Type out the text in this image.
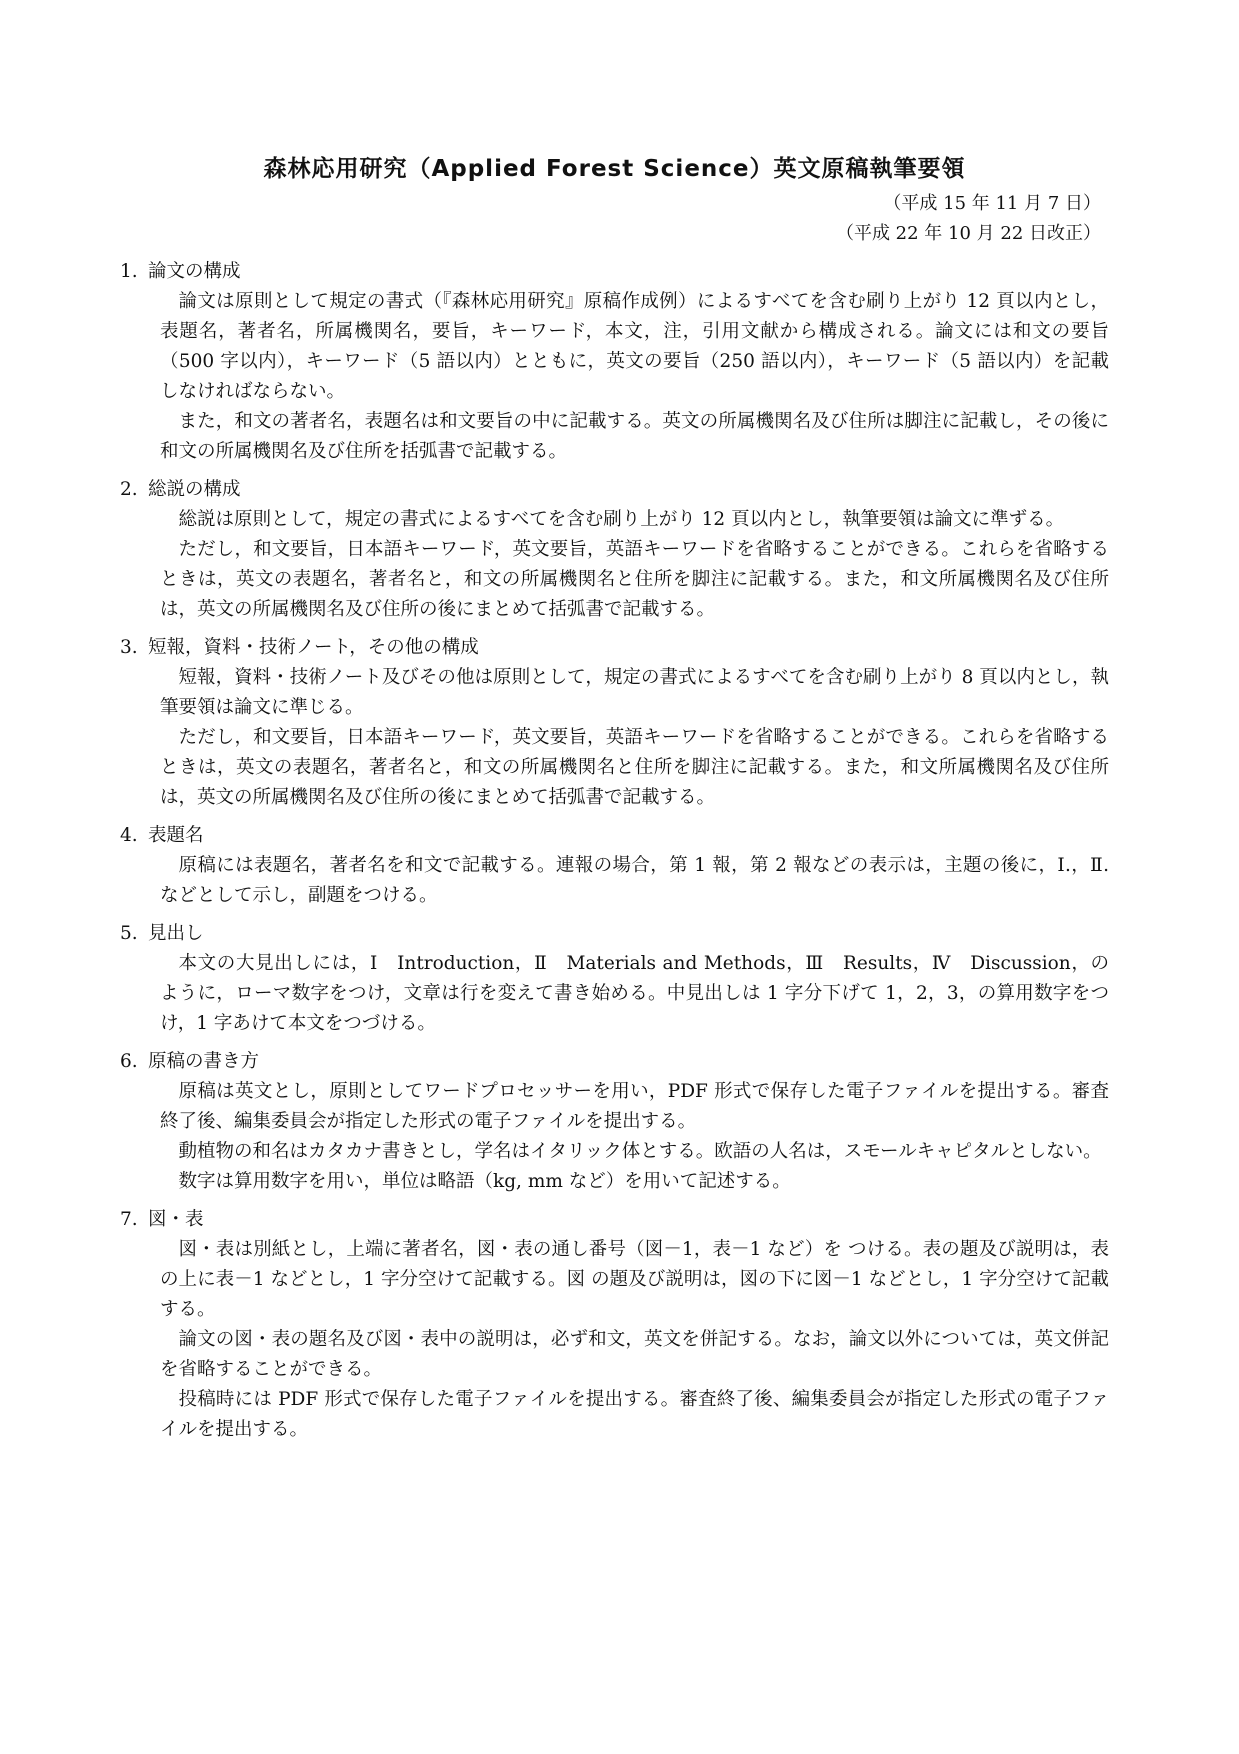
森林応用研究（Applied Forest Science）英文原稿執筆要領
（平成 15 年 11 月 7 日）
（平成 22 年 10 月 22 日改正）
1. 論文の構成

論文は原則として規定の書式（『森林応用研究』原稿作成例）によるすべてを含む刷り上がり 12 頁以内とし，表題名，著者名，所属機関名，要旨，キーワード，本文，注，引用文献から構成される。論文には和文の要旨（500 字以内），キーワード（5 語以内）とともに，英文の要旨（250 語以内），キーワード（5 語以内）を記載しなければならない。

また，和文の著者名，表題名は和文要旨の中に記載する。英文の所属機関名及び住所は脚注に記載し，その後に和文の所属機関名及び住所を括弧書で記載する。

2. 総説の構成

総説は原則として，規定の書式によるすべてを含む刷り上がり 12 頁以内とし，執筆要領は論文に準ずる。

ただし，和文要旨，日本語キーワード，英文要旨，英語キーワードを省略することができる。これらを省略するときは，英文の表題名，著者名と，和文の所属機関名と住所を脚注に記載する。また，和文所属機関名及び住所は，英文の所属機関名及び住所の後にまとめて括弧書で記載する。

3. 短報，資料・技術ノート，その他の構成

短報，資料・技術ノート及びその他は原則として，規定の書式によるすべてを含む刷り上がり 8 頁以内とし，執筆要領は論文に準じる。

ただし，和文要旨，日本語キーワード，英文要旨，英語キーワードを省略することができる。これらを省略するときは，英文の表題名，著者名と，和文の所属機関名と住所を脚注に記載する。また，和文所属機関名及び住所は，英文の所属機関名及び住所の後にまとめて括弧書で記載する。

4. 表題名

原稿には表題名，著者名を和文で記載する。連報の場合，第 1 報，第 2 報などの表示は，主題の後に，Ⅰ.，Ⅱ. などとして示し，副題をつける。

5. 見出し

本文の大見出しには，Ⅰ　Introduction，Ⅱ　Materials and Methods，Ⅲ　Results，Ⅳ　Discussion，のように，ローマ数字をつけ，文章は行を変えて書き始める。中見出しは 1 字分下げて 1，2，3，の算用数字をつけ，1 字あけて本文をつづける。

6. 原稿の書き方

原稿は英文とし，原則としてワードプロセッサーを用い，PDF 形式で保存した電子ファイルを提出する。審査終了後、編集委員会が指定した形式の電子ファイルを提出する。

動植物の和名はカタカナ書きとし，学名はイタリック体とする。欧語の人名は，スモールキャピタルとしない。

数字は算用数字を用い，単位は略語（kg, mm など）を用いて記述する。

7. 図・表

図・表は別紙とし，上端に著者名，図・表の通し番号（図－1，表－1 など）を つける。表の題及び説明は，表の上に表－1 などとし，1 字分空けて記載する。図 の題及び説明は，図の下に図－1 などとし，1 字分空けて記載する。

論文の図・表の題名及び図・表中の説明は，必ず和文，英文を併記する。なお，論文以外については，英文併記を省略することができる。

投稿時には PDF 形式で保存した電子ファイルを提出する。審査終了後、編集委員会が指定した形式の電子ファイルを提出する。
